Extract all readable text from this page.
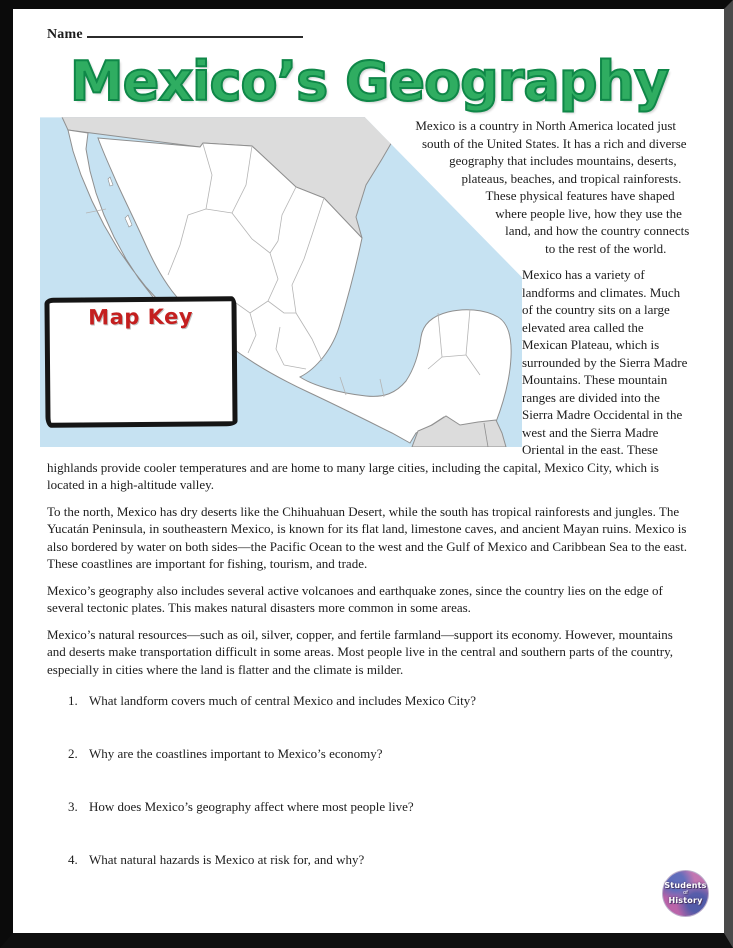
Name
Mexico’s Geography
Map Key

Mexico is a country in North America located just south of the United States. It has a rich and diverse geography that includes mountains, deserts, plateaus, beaches, and tropical rainforests. These physical features have shaped where people live, how they use the land, and how the country connects to the rest of the world.

Mexico has a variety of landforms and climates. Much of the country sits on a large elevated area called the Mexican Plateau, which is surrounded by the Sierra Madre Mountains. These mountain ranges are divided into the Sierra Madre Occidental in the west and the Sierra Madre Oriental in the east. These highlands provide cooler temperatures and are home to many large cities, including the capital, Mexico City, which is located in a high-altitude valley.

To the north, Mexico has dry deserts like the Chihuahuan Desert, while the south has tropical rainforests and jungles. The Yucatán Peninsula, in southeastern Mexico, is known for its flat land, limestone caves, and ancient Mayan ruins. Mexico is also bordered by water on both sides—the Pacific Ocean to the west and the Gulf of Mexico and Caribbean Sea to the east. These coastlines are important for fishing, tourism, and trade.

Mexico’s geography also includes several active volcanoes and earthquake zones, since the country lies on the edge of several tectonic plates. This makes natural disasters more common in some areas.

Mexico’s natural resources—such as oil, silver, copper, and fertile farmland—support its economy. However, mountains and deserts make transportation difficult in some areas. Most people live in the central and southern parts of the country, especially in cities where the land is flatter and the climate is milder.

1. What landform covers much of central Mexico and includes Mexico City?
2. Why are the coastlines important to Mexico’s economy?
3. How does Mexico’s geography affect where most people live?
4. What natural hazards is Mexico at risk for, and why?
Students
of
History
